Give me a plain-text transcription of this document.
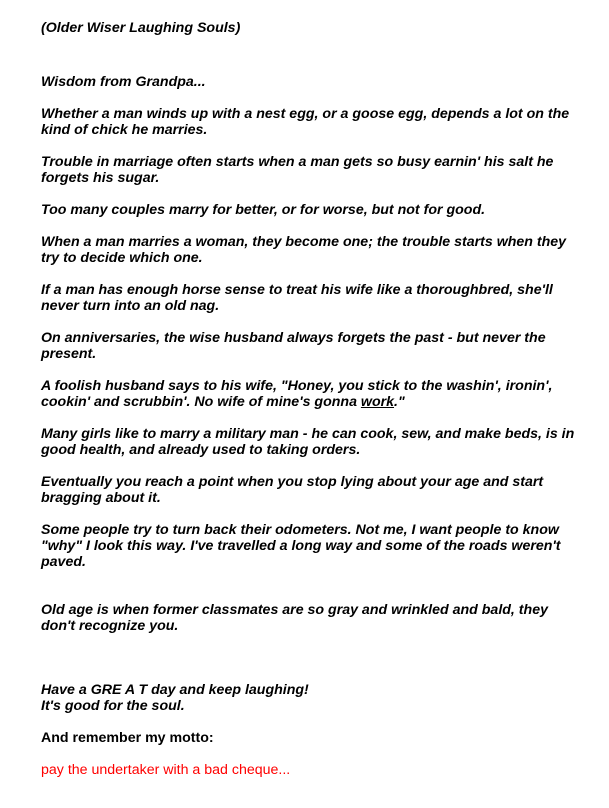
(Older Wiser Laughing Souls)

Wisdom from Grandpa...

Whether a man winds up with a nest egg, or a goose egg, depends a lot on the kind of chick he marries.

Trouble in marriage often starts when a man gets so busy earnin' his salt he forgets his sugar.

Too many couples marry for better, or for worse, but not for good.

When a man marries a woman, they become one; the trouble starts when they try to decide which one.

If a man has enough horse sense to treat his wife like a thoroughbred, she'll never turn into an old nag.

On anniversaries, the wise husband always forgets the past - but never the present.

A foolish husband says to his wife, "Honey, you stick to the washin', ironin', cookin' and scrubbin'. No wife of mine's gonna work."

Many girls like to marry a military man - he can cook, sew, and make beds, is in good health, and already used to taking orders.

Eventually you reach a point when you stop lying about your age and start bragging about it.

Some people try to turn back their odometers. Not me, I want people to know "why" I look this way. I've travelled a long way and some of the roads weren't paved.

Old age is when former classmates are so gray and wrinkled and bald, they don't recognize you.

Have a GRE A T day and keep laughing!

It's good for the soul.

And remember my motto:

pay the undertaker with a bad cheque...
